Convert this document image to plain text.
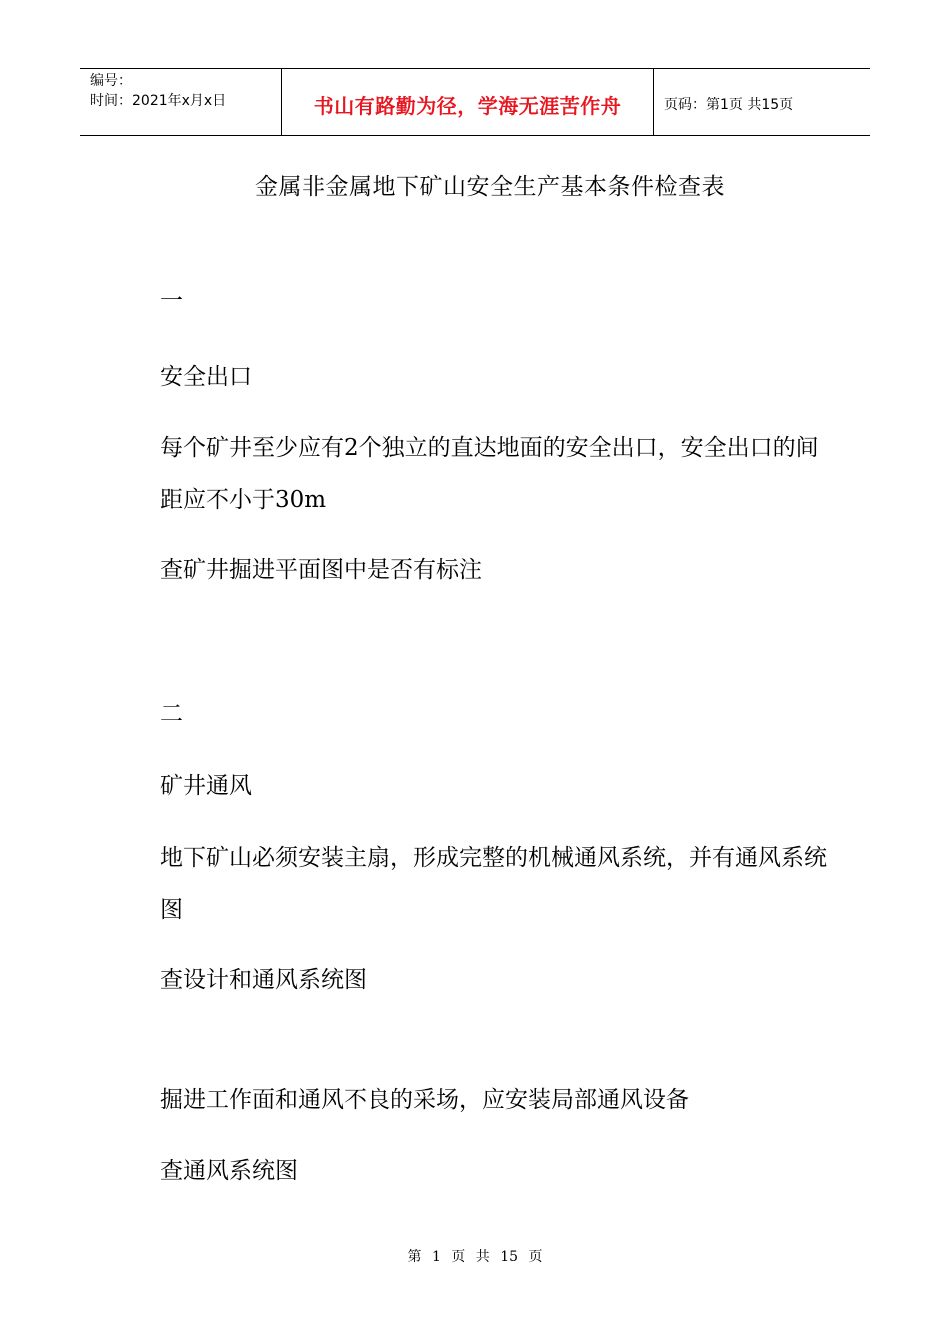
编号：
时间：2021年x月x日	书山有路勤为径，学海无涯苦作舟	页码：第1页 共15页
金属非金属地下矿山安全生产基本条件检查表

一

安全出口

每个矿井至少应有2个独立的直达地面的安全出口，安全出口的间距应不小于30m

查矿井掘进平面图中是否有标注

二

矿井通风

地下矿山必须安装主扇，形成完整的机械通风系统，并有通风系统图

查设计和通风系统图

掘进工作面和通风不良的采场，应安装局部通风设备

查通风系统图

第 1 页 共 15 页
